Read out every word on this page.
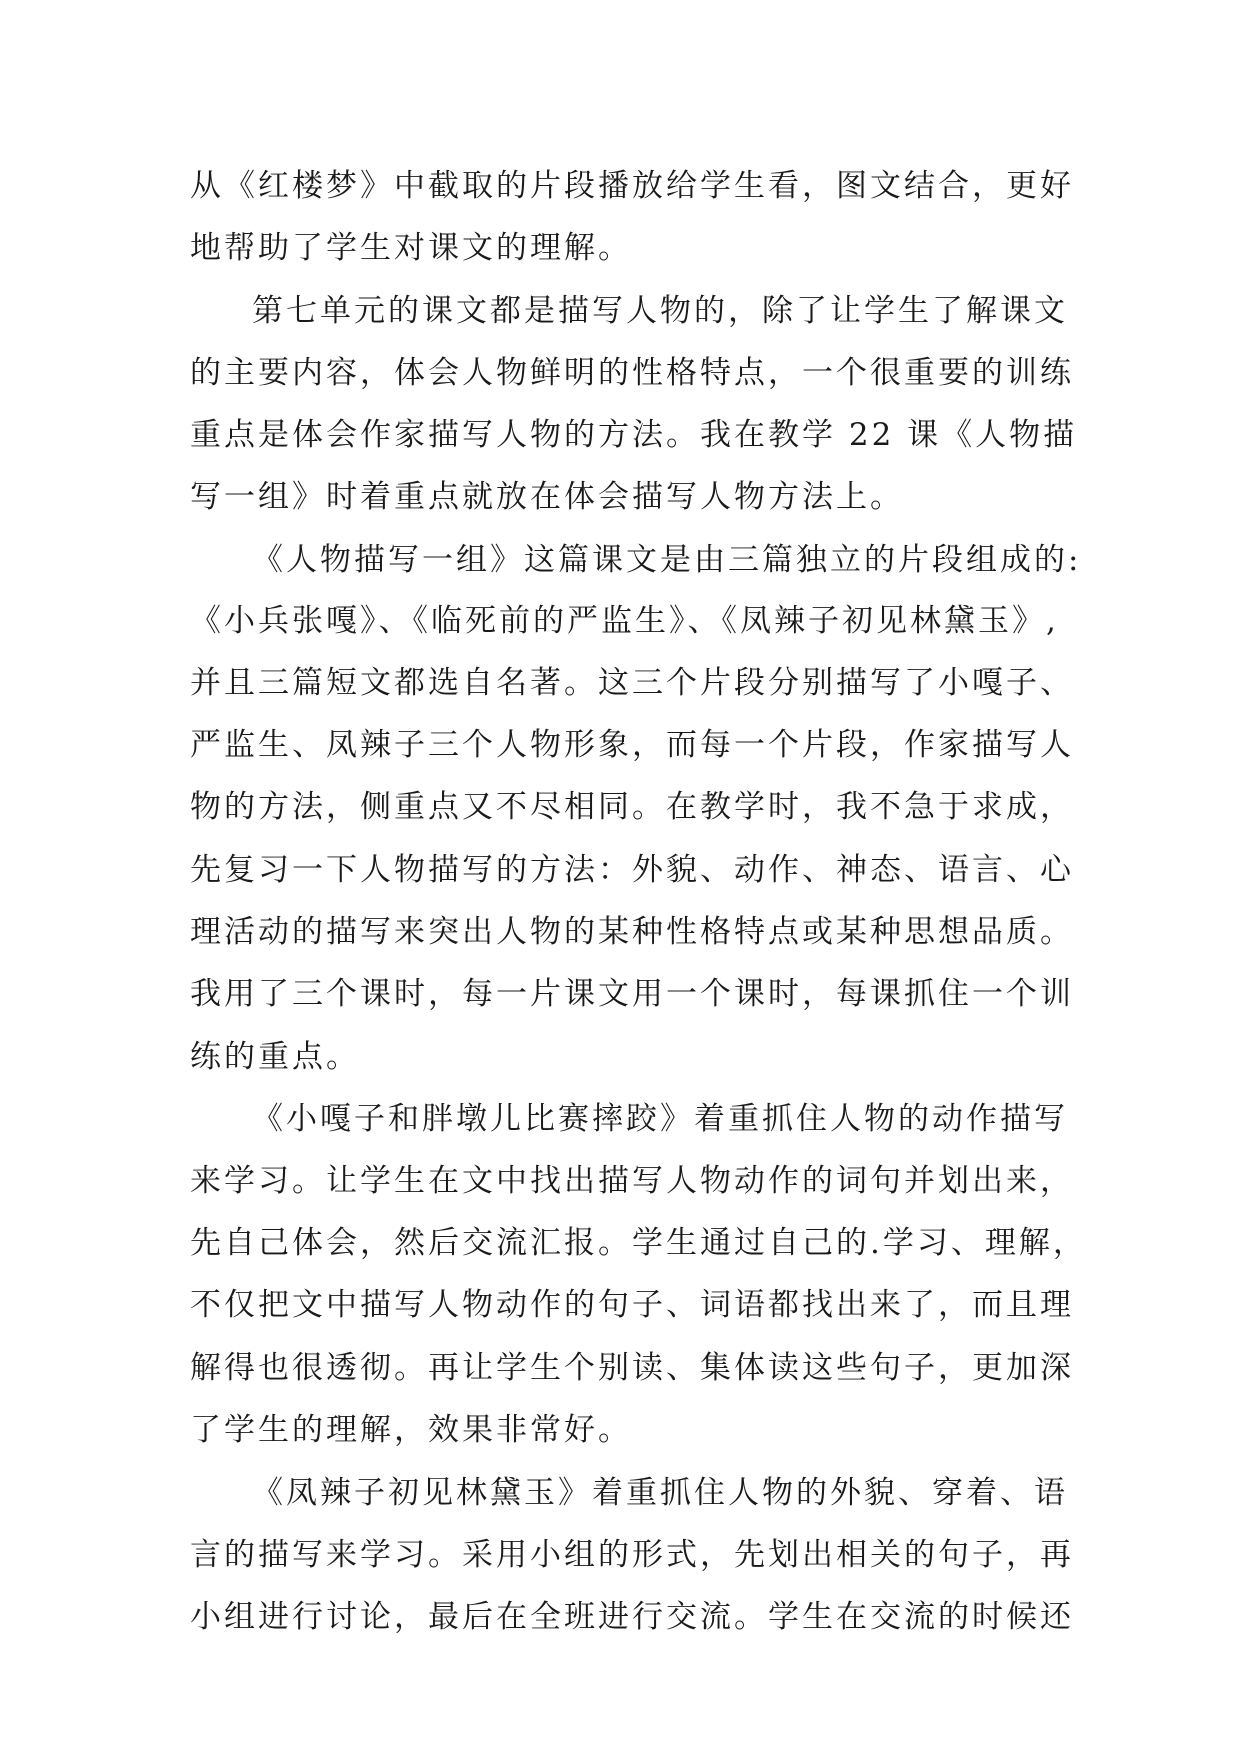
从《红楼梦》中截取的片段播放给学生看，图文结合，更好
地帮助了学生对课文的理解。
第七单元的课文都是描写人物的，除了让学生了解课文
的主要内容，体会人物鲜明的性格特点，一个很重要的训练
重点是体会作家描写人物的方法。我在教学 22 课《人物描
写一组》时着重点就放在体会描写人物方法上。
《人物描写一组》这篇课文是由三篇独立的片段组成的:
《小兵张嘎》、《临死前的严监生》、《凤辣子初见林黛玉》,
并且三篇短文都选自名著。这三个片段分别描写了小嘎子、
严监生、凤辣子三个人物形象，而每一个片段，作家描写人
物的方法，侧重点又不尽相同。在教学时，我不急于求成，
先复习一下人物描写的方法：外貌、动作、神态、语言、心
理活动的描写来突出人物的某种性格特点或某种思想品质。
我用了三个课时，每一片课文用一个课时，每课抓住一个训
练的重点。
《小嘎子和胖墩儿比赛摔跤》着重抓住人物的动作描写
来学习。让学生在文中找出描写人物动作的词句并划出来，
先自己体会，然后交流汇报。学生通过自己的.学习、理解，
不仅把文中描写人物动作的句子、词语都找出来了，而且理
解得也很透彻。再让学生个别读、集体读这些句子，更加深
了学生的理解，效果非常好。
《凤辣子初见林黛玉》着重抓住人物的外貌、穿着、语
言的描写来学习。采用小组的形式，先划出相关的句子，再
小组进行讨论，最后在全班进行交流。学生在交流的时候还
